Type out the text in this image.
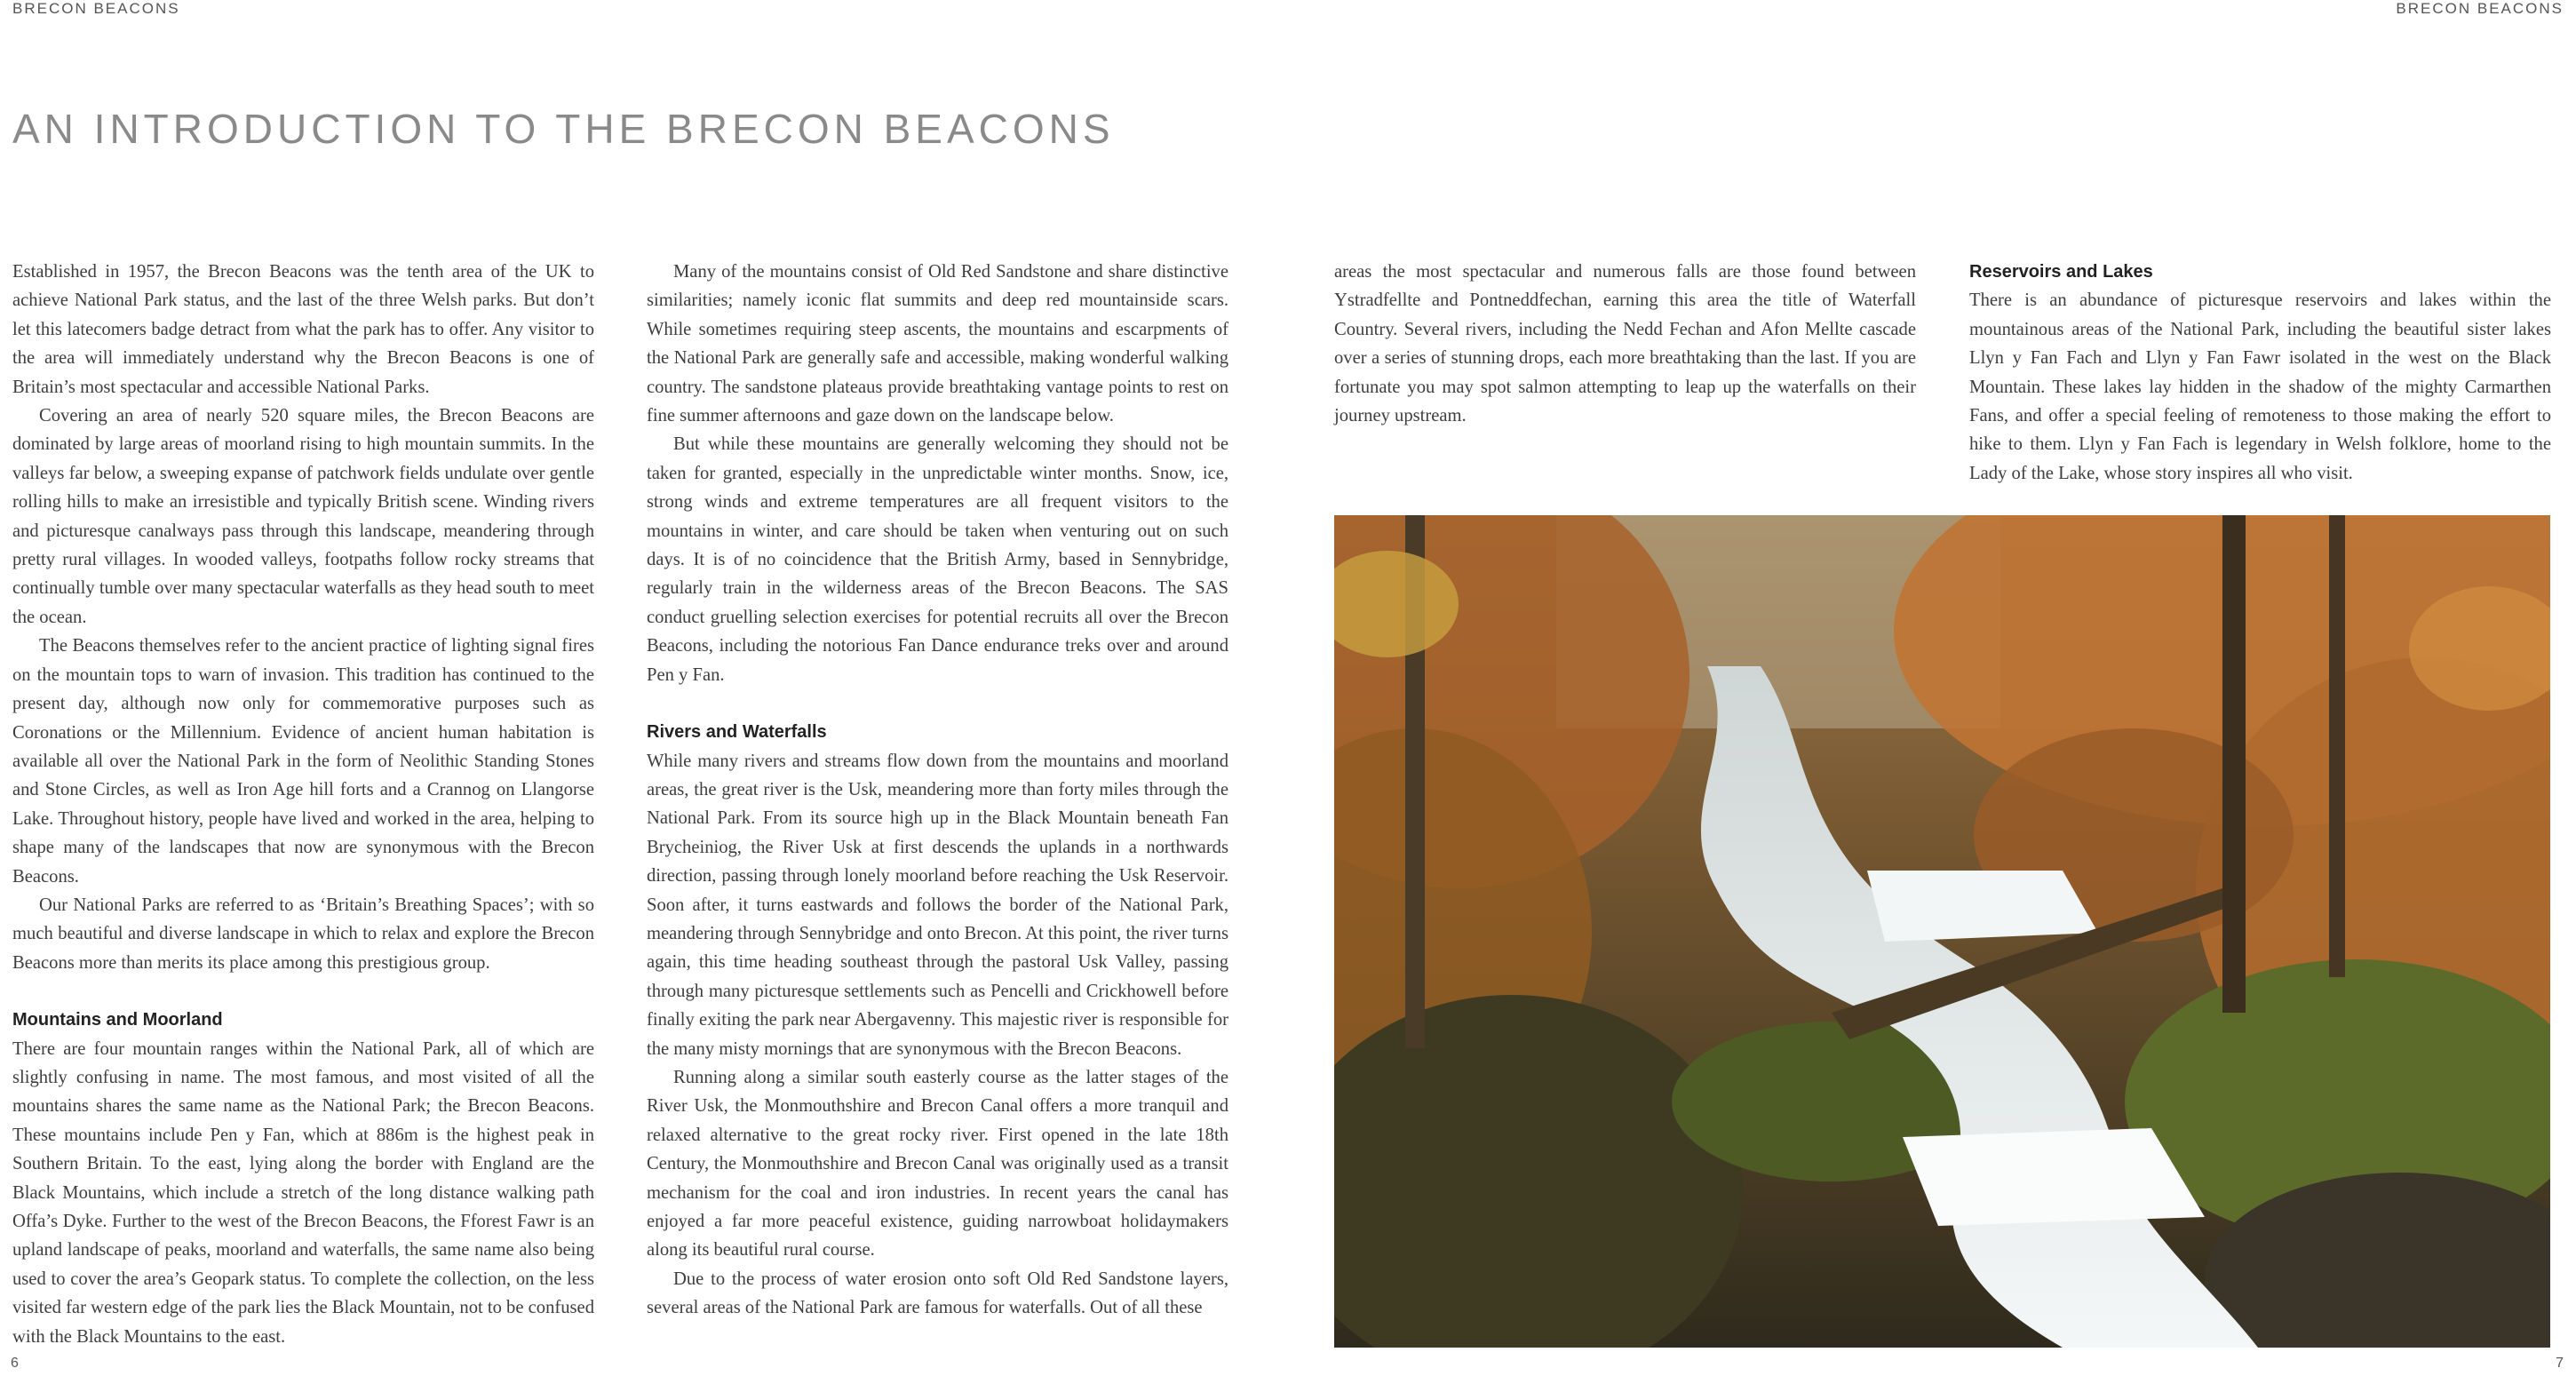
BRECON BEACONS	BRECON BEACONS
AN INTRODUCTION TO THE BRECON BEACONS

Established in 1957, the Brecon Beacons was the tenth area of the UK to achieve National Park status, and the last of the three Welsh parks. But don’t let this latecomers badge detract from what the park has to offer. Any visitor to the area will immediately understand why the Brecon Beacons is one of Britain’s most spectacular and accessible National Parks.

Covering an area of nearly 520 square miles, the Brecon Beacons are dominated by large areas of moorland rising to high mountain summits. In the valleys far below, a sweeping expanse of patchwork fields undulate over gentle rolling hills to make an irresistible and typically British scene. Winding rivers and picturesque canalways pass through this landscape, meandering through pretty rural villages. In wooded valleys, footpaths follow rocky streams that continually tumble over many spectacular waterfalls as they head south to meet the ocean.

The Beacons themselves refer to the ancient practice of lighting signal fires on the mountain tops to warn of invasion. This tradition has continued to the present day, although now only for commemorative purposes such as Coronations or the Millennium. Evidence of ancient human habitation is available all over the National Park in the form of Neolithic Standing Stones and Stone Circles, as well as Iron Age hill forts and a Crannog on Llangorse Lake. Throughout history, people have lived and worked in the area, helping to shape many of the landscapes that now are synonymous with the Brecon Beacons.

Our National Parks are referred to as ‘Britain’s Breathing Spaces’; with so much beautiful and diverse landscape in which to relax and explore the Brecon Beacons more than merits its place among this prestigious group.

Mountains and Moorland

There are four mountain ranges within the National Park, all of which are slightly confusing in name. The most famous, and most visited of all the mountains shares the same name as the National Park; the Brecon Beacons. These mountains include Pen y Fan, which at 886m is the highest peak in Southern Britain. To the east, lying along the border with England are the Black Mountains, which include a stretch of the long distance walking path Offa’s Dyke. Further to the west of the Brecon Beacons, the Fforest Fawr is an upland landscape of peaks, moorland and waterfalls, the same name also being used to cover the area’s Geopark status. To complete the collection, on the less visited far western edge of the park lies the Black Mountain, not to be confused with the Black Mountains to the east.

Many of the mountains consist of Old Red Sandstone and share distinctive similarities; namely iconic flat summits and deep red mountainside scars. While sometimes requiring steep ascents, the mountains and escarpments of the National Park are generally safe and accessible, making wonderful walking country. The sandstone plateaus provide breathtaking vantage points to rest on fine summer afternoons and gaze down on the landscape below.

But while these mountains are generally welcoming they should not be taken for granted, especially in the unpredictable winter months. Snow, ice, strong winds and extreme temperatures are all frequent visitors to the mountains in winter, and care should be taken when venturing out on such days. It is of no coincidence that the British Army, based in Sennybridge, regularly train in the wilderness areas of the Brecon Beacons. The SAS conduct gruelling selection exercises for potential recruits all over the Brecon Beacons, including the notorious Fan Dance endurance treks over and around Pen y Fan.

Rivers and Waterfalls

While many rivers and streams flow down from the mountains and moorland areas, the great river is the Usk, meandering more than forty miles through the National Park. From its source high up in the Black Mountain beneath Fan Brycheiniog, the River Usk at first descends the uplands in a northwards direction, passing through lonely moorland before reaching the Usk Reservoir. Soon after, it turns eastwards and follows the border of the National Park, meandering through Sennybridge and onto Brecon. At this point, the river turns again, this time heading southeast through the pastoral Usk Valley, passing through many picturesque settlements such as Pencelli and Crickhowell before finally exiting the park near Abergavenny. This majestic river is responsible for the many misty mornings that are synonymous with the Brecon Beacons.

Running along a similar south easterly course as the latter stages of the River Usk, the Monmouthshire and Brecon Canal offers a more tranquil and relaxed alternative to the great rocky river. First opened in the late 18th Century, the Monmouthshire and Brecon Canal was originally used as a transit mechanism for the coal and iron industries. In recent years the canal has enjoyed a far more peaceful existence, guiding narrowboat holidaymakers along its beautiful rural course.

Due to the process of water erosion onto soft Old Red Sandstone layers, several areas of the National Park are famous for waterfalls. Out of all these

areas the most spectacular and numerous falls are those found between Ystradfellte and Pontneddfechan, earning this area the title of Waterfall Country. Several rivers, including the Nedd Fechan and Afon Mellte cascade over a series of stunning drops, each more breathtaking than the last. If you are fortunate you may spot salmon attempting to leap up the waterfalls on their journey upstream.

Reservoirs and Lakes

There is an abundance of picturesque reservoirs and lakes within the mountainous areas of the National Park, including the beautiful sister lakes Llyn y Fan Fach and Llyn y Fan Fawr isolated in the west on the Black Mountain. These lakes lay hidden in the shadow of the mighty Carmarthen Fans, and offer a special feeling of remoteness to those making the effort to hike to them. Llyn y Fan Fach is legendary in Welsh folklore, home to the Lady of the Lake, whose story inspires all who visit.

6	7
